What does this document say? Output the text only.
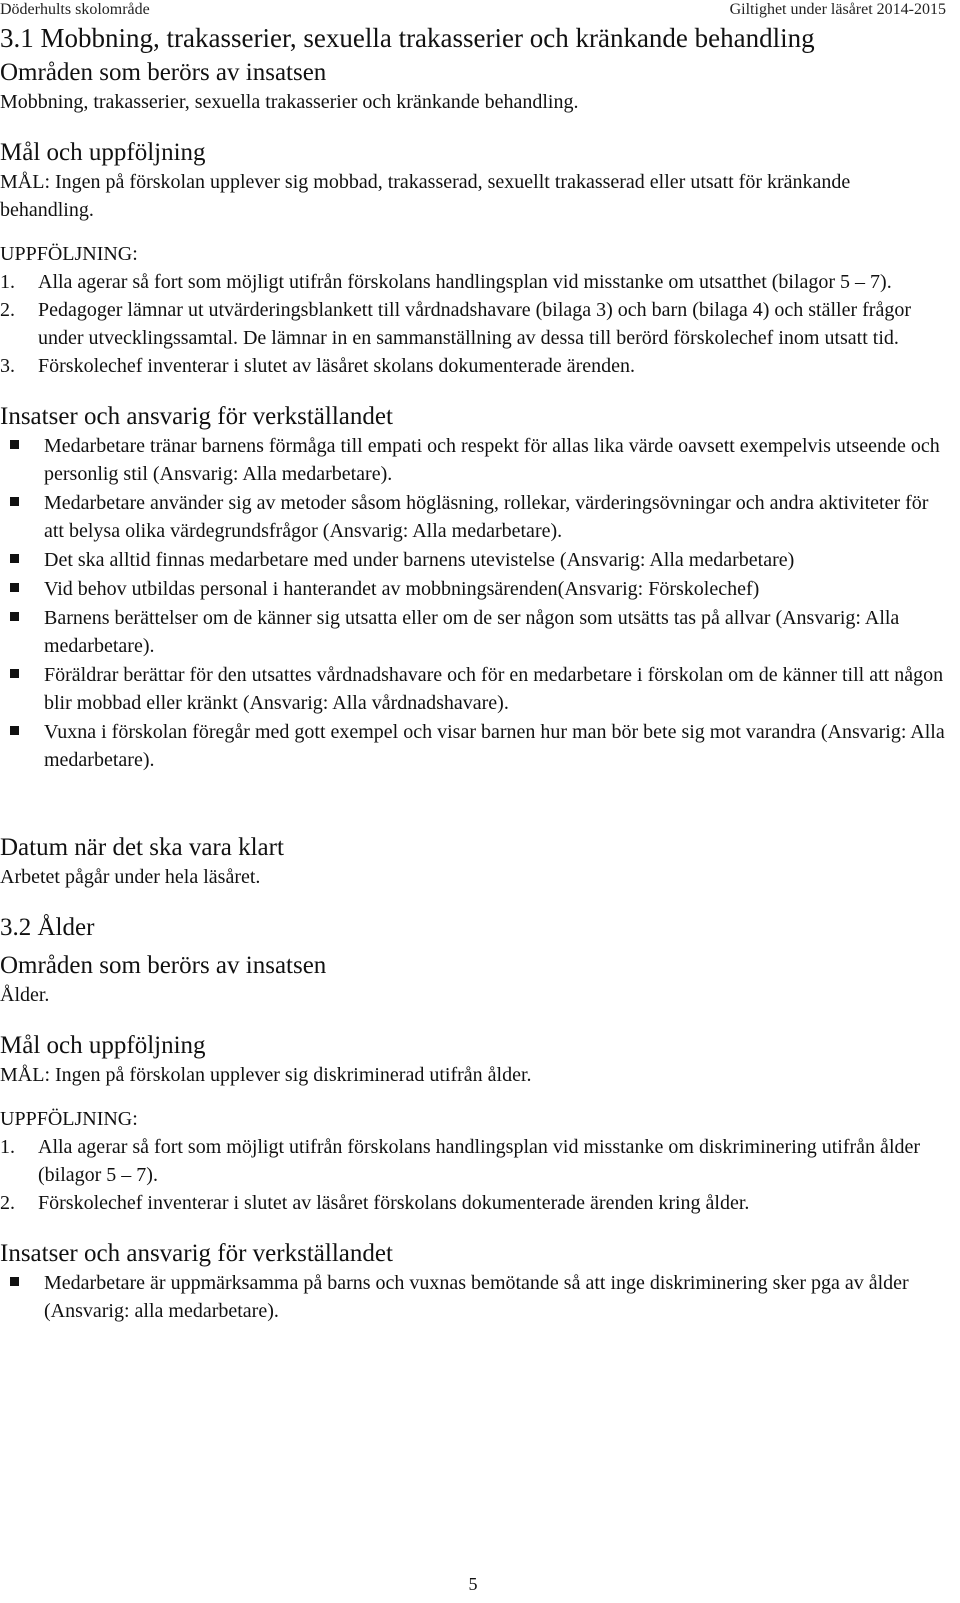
Döderhults skolområde	Giltighet under läsåret 2014-2015
3.1 Mobbning, trakasserier, sexuella trakasserier och kränkande behandling
Områden som berörs av insatsen

Mobbning, trakasserier, sexuella trakasserier och kränkande behandling.

Mål och uppföljning

MÅL: Ingen på förskolan upplever sig mobbad, trakasserad, sexuellt trakasserad eller utsatt för kränkande behandling.

UPPFÖLJNING:

1.	Alla agerar så fort som möjligt utifrån förskolans handlingsplan vid misstanke om utsatthet (bilagor 5 – 7).
2.	Pedagoger lämnar ut utvärderingsblankett till vårdnadshavare (bilaga 3) och barn (bilaga 4) och ställer frågor under utvecklingssamtal. De lämnar in en sammanställning av dessa till berörd förskolechef inom utsatt tid.
3.	Förskolechef inventerar i slutet av läsåret skolans dokumenterade ärenden.
Insatser och ansvarig för verkställandet
Medarbetare tränar barnens förmåga till empati och respekt för allas lika värde oavsett exempelvis utseende och personlig stil (Ansvarig: Alla medarbetare).
Medarbetare använder sig av metoder såsom högläsning, rollekar, värderingsövningar och andra aktiviteter för att belysa olika värdegrundsfrågor (Ansvarig: Alla medarbetare).
Det ska alltid finnas medarbetare med under barnens utevistelse (Ansvarig: Alla medarbetare)
Vid behov utbildas personal i hanterandet av mobbningsärenden(Ansvarig: Förskolechef)
Barnens berättelser om de känner sig utsatta eller om de ser någon som utsätts tas på allvar (Ansvarig: Alla medarbetare).
Föräldrar berättar för den utsattes vårdnadshavare och för en medarbetare i förskolan om de känner till att någon blir mobbad eller kränkt (Ansvarig: Alla vårdnadshavare).
Vuxna i förskolan föregår med gott exempel och visar barnen hur man bör bete sig mot varandra (Ansvarig: Alla medarbetare).
Datum när det ska vara klart

Arbetet pågår under hela läsåret.

3.2 Ålder
Områden som berörs av insatsen

Ålder.

Mål och uppföljning

MÅL: Ingen på förskolan upplever sig diskriminerad utifrån ålder.

UPPFÖLJNING:

1.	Alla agerar så fort som möjligt utifrån förskolans handlingsplan vid misstanke om diskriminering utifrån ålder (bilagor 5 – 7).
2.	Förskolechef inventerar i slutet av läsåret förskolans dokumenterade ärenden kring ålder.
Insatser och ansvarig för verkställandet
Medarbetare är uppmärksamma på barns och vuxnas bemötande så att inge diskriminering sker pga av ålder (Ansvarig: alla medarbetare).
5
